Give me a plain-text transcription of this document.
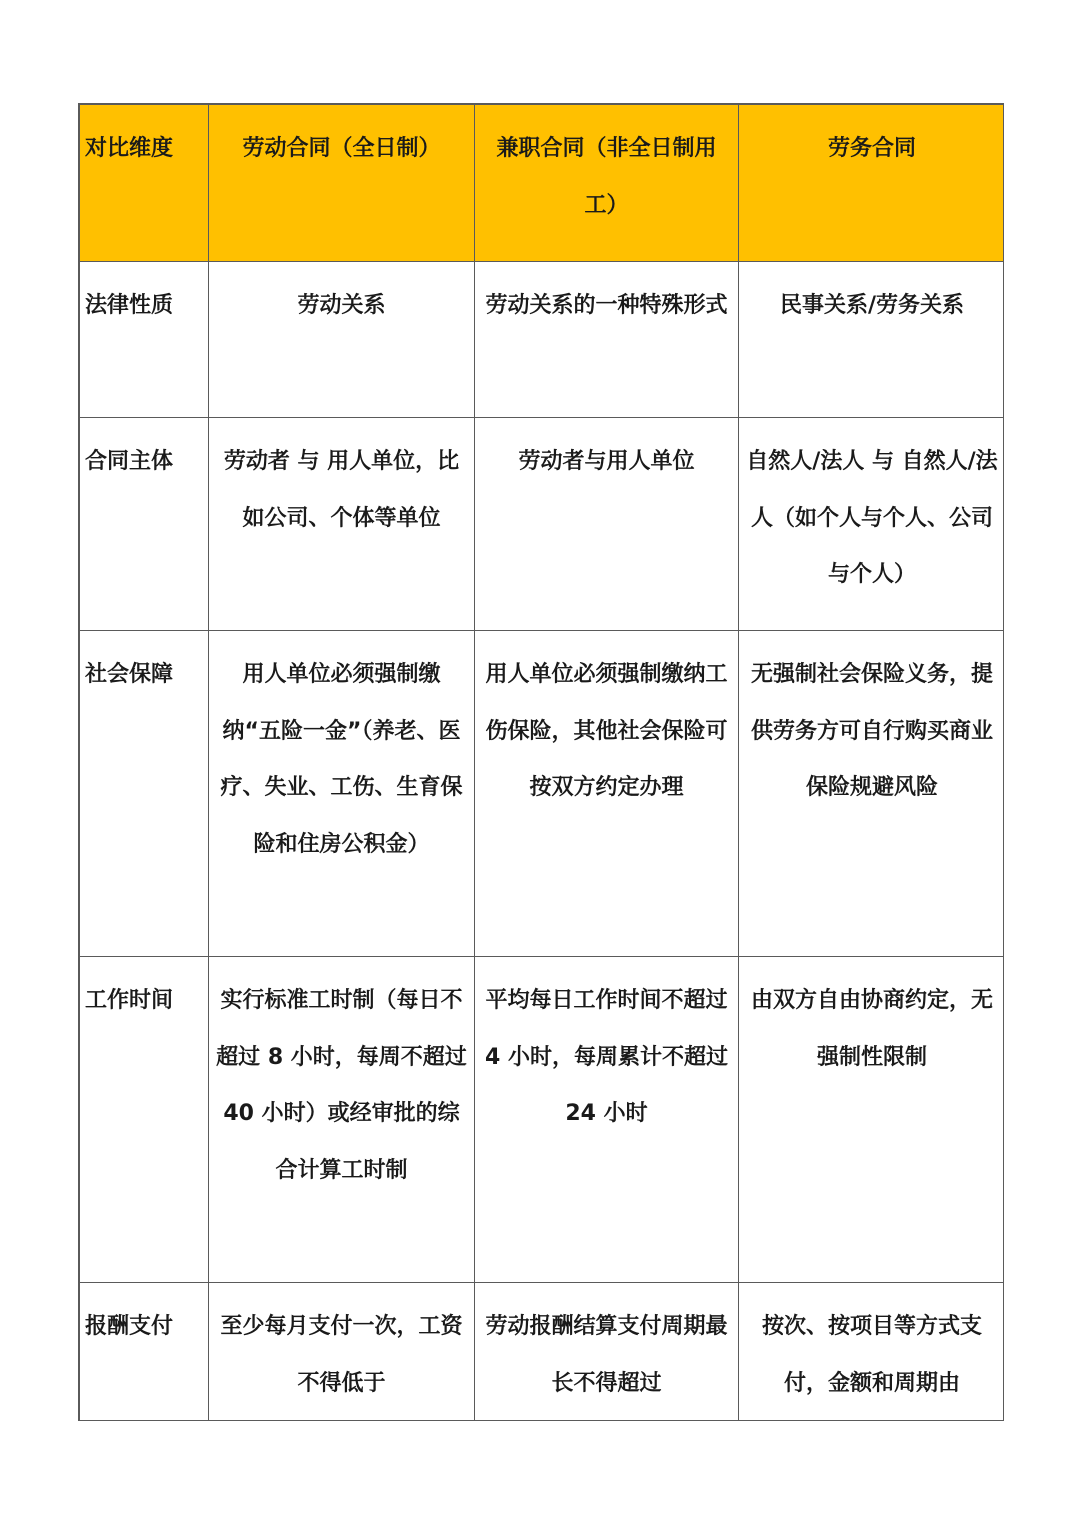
对比维度	劳动合同（全日制）	兼职合同（非全日制用工）	劳务合同
法律性质	劳动关系	劳动关系的一种特殊形式	民事关系/劳务关系
合同主体	劳动者 与 用人单位，比如公司、个体等单位	劳动者与用人单位	自然人/法人 与 自然人/法人（如个人与个人、公司与个人）
社会保障	用人单位必须强制缴纳“五险一金”（养老、医疗、失业、工伤、生育保险和住房公积金）	用人单位必须强制缴纳工伤保险，其他社会保险可按双方约定办理	无强制社会保险义务，提供劳务方可自行购买商业保险规避风险
工作时间	实行标准工时制（每日不超过 8 小时，每周不超过 40 小时）或经审批的综合计算工时制	平均每日工作时间不超过 4 小时，每周累计不超过 24 小时	由双方自由协商约定，无强制性限制
报酬支付	至少每月支付一次，工资不得低于	劳动报酬结算支付周期最长不得超过	按次、按项目等方式支付，金额和周期由
